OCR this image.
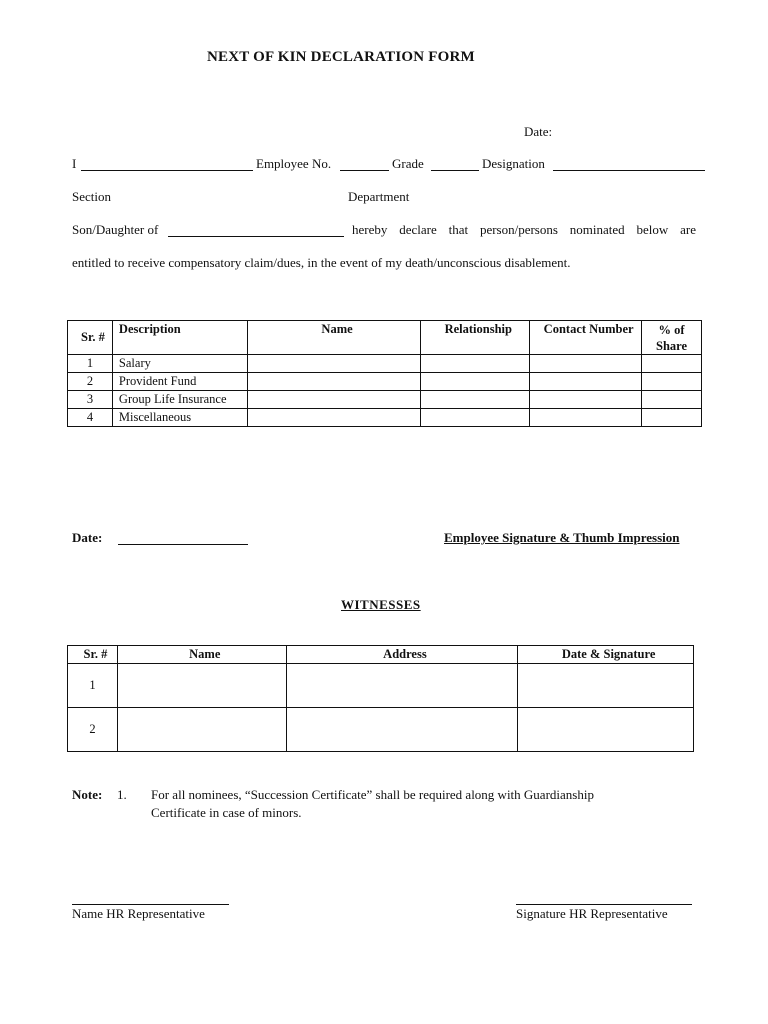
NEXT OF KIN DECLARATION FORM
Date:
I	Employee No.	Grade	Designation
Section	Department
Son/Daughter of	hereby declare that person/persons nominated below are
entitled to receive compensatory claim/dues, in the event of my death/unconscious disablement.
Sr. #	Description	Name	Relationship	Contact Number	% of Share
1	Salary				
2	Provident Fund				
3	Group Life Insurance				
4	Miscellaneous				
Date:	Employee Signature & Thumb Impression
WITNESSES
Sr. #	Name	Address	Date & Signature
1			
2			
Note: 1. For all nominees, “Succession Certificate” shall be required along with Guardianship
Certificate in case of minors.
Name HR Representative	Signature HR Representative
